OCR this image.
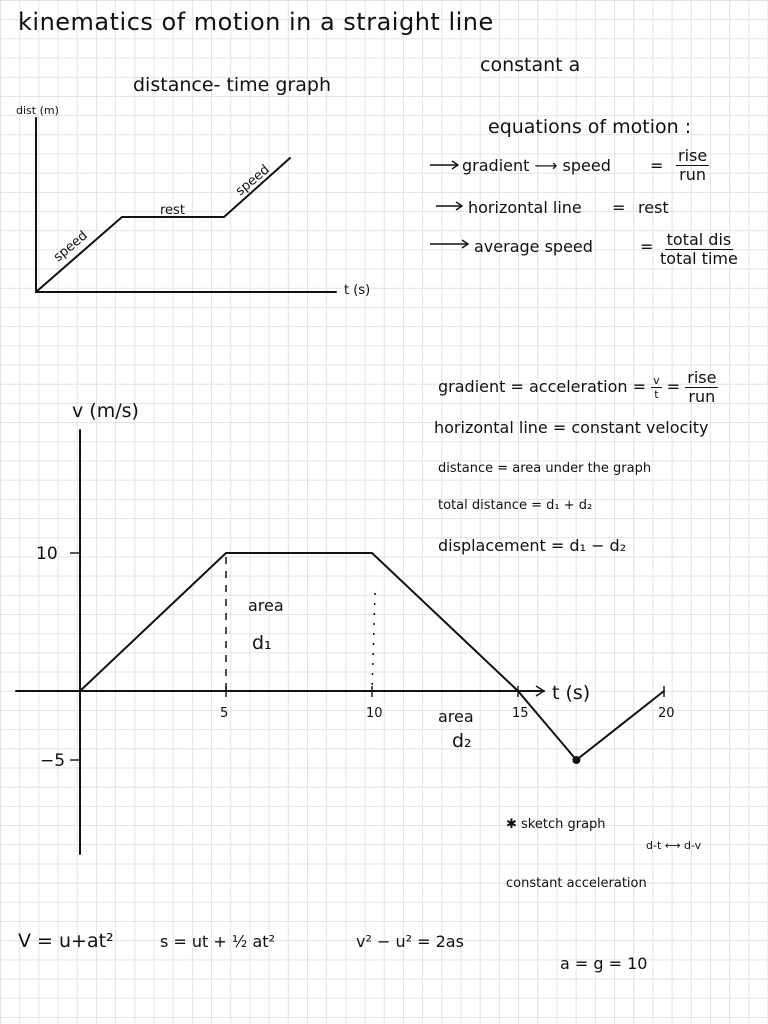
kinematics of motion in a straight line
distance- time graph
dist (m)
t (s)
speed
rest
speed
5	10	15	20
10
−5
constant a
equations of motion :
gradient ⟶ speed = $\frac{\text{rise}}{\text{run}}$
horizontal line = rest
average speed	= $\frac{\text{total dis}}{\text{total time}}$
v (m/s)
t (s)
area
d₁
area
d₂
gradient = acceleration = $\frac{v}{t} = \frac{\text{rise}}{\text{run}}$
horizontal line = constant velocity
distance = area under the graph
total distance = d₁ + d₂
displacement = d₁ − d₂
✱ sketch graph
d-t ⟷ d-v
constant acceleration
V = u+at²	s = ut + ½ at²	v² − u² = 2as
a = g = 10
